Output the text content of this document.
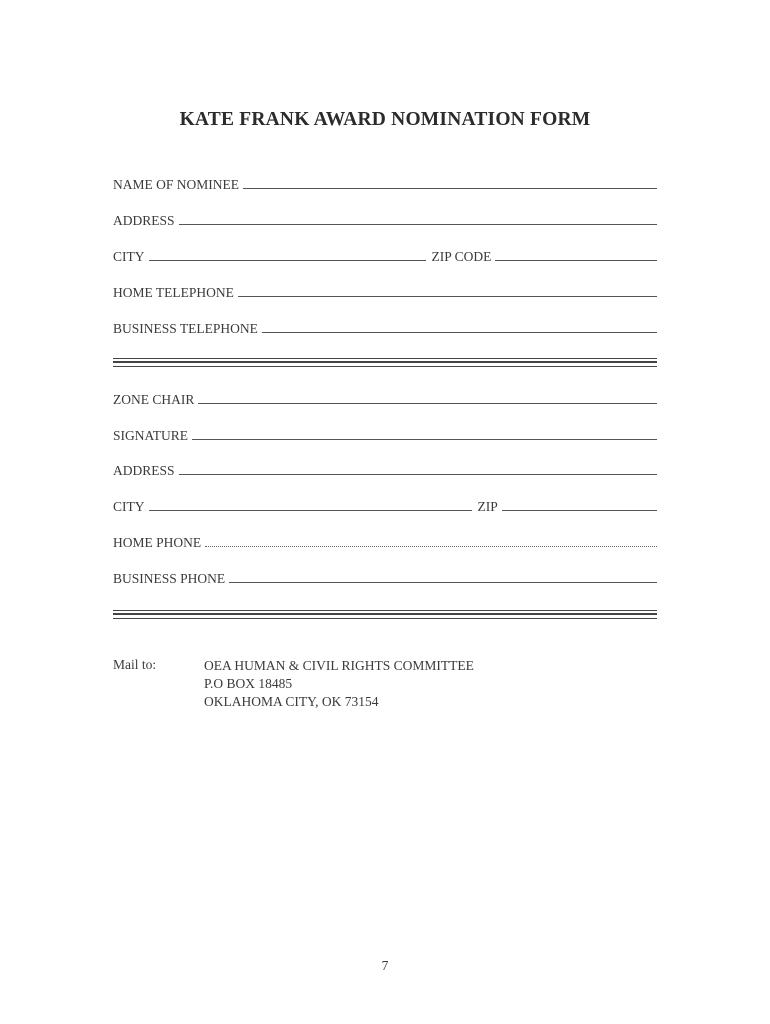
KATE FRANK AWARD NOMINATION FORM
NAME OF NOMINEE
ADDRESS
CITY	ZIP CODE
HOME TELEPHONE
BUSINESS TELEPHONE
ZONE CHAIR
SIGNATURE
ADDRESS
CITY	ZIP
HOME PHONE
BUSINESS PHONE
Mail to:	OEA HUMAN & CIVIL RIGHTS COMMITTEE
P.O BOX 18485
OKLAHOMA CITY, OK 73154
7
